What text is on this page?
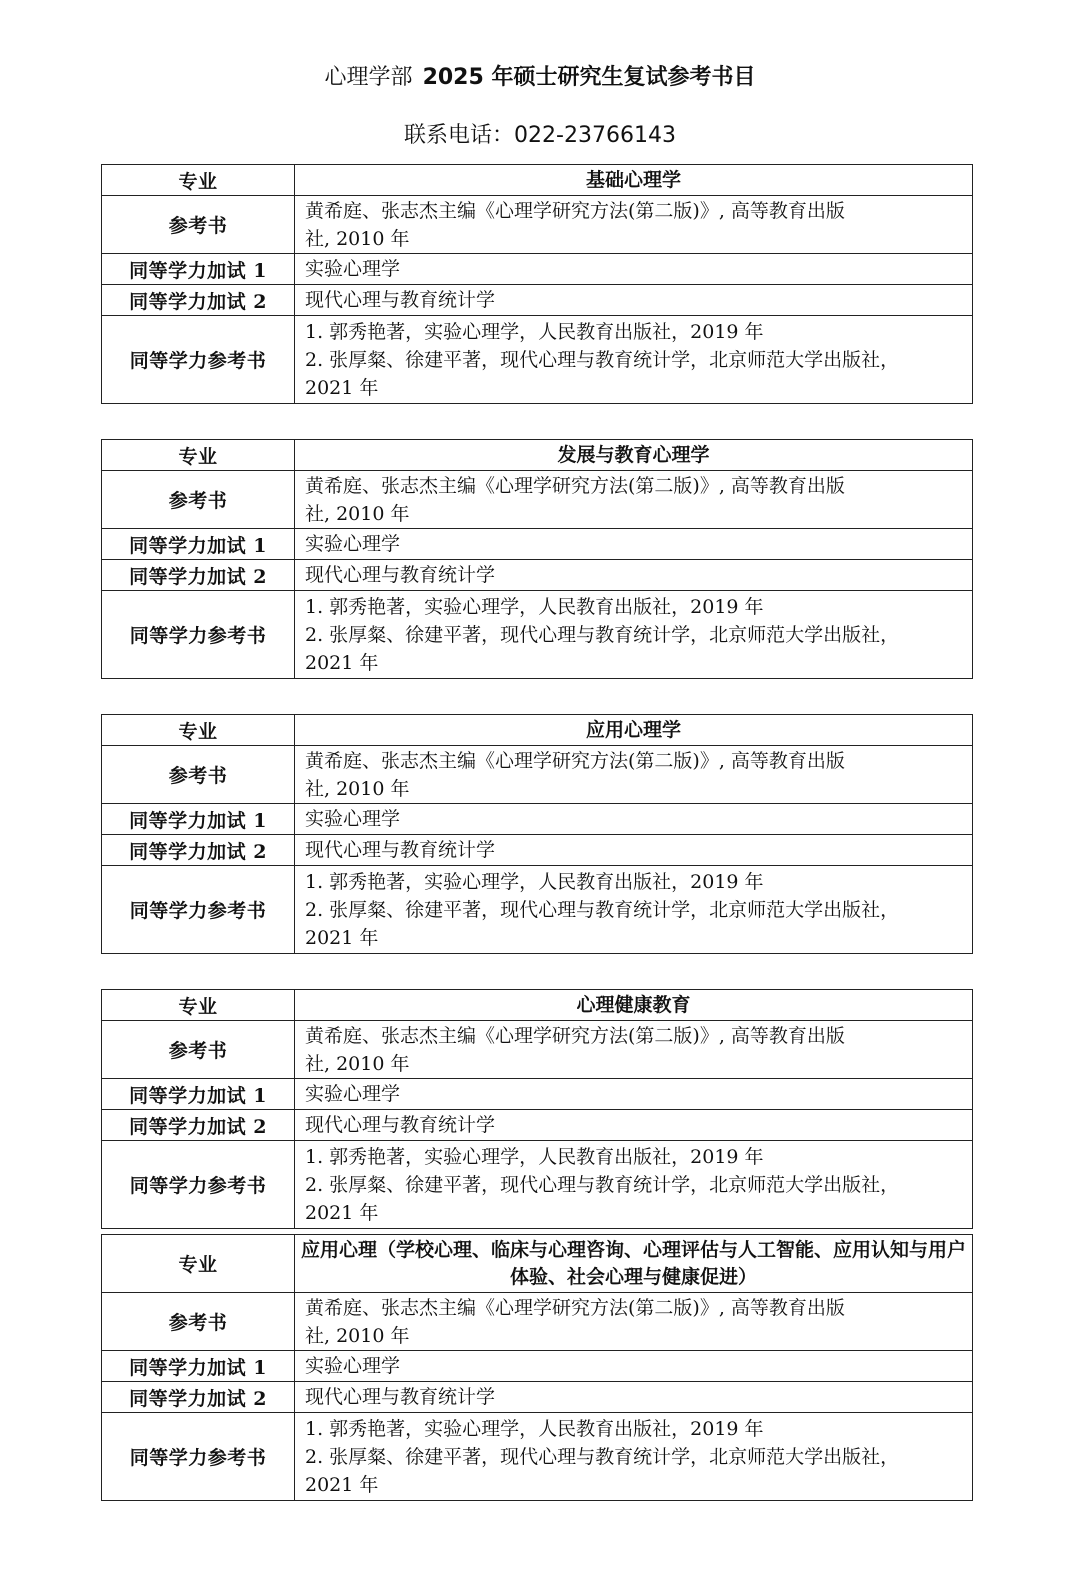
心理学部 2025 年硕士研究生复试参考书目
联系电话：022-23766143
专业	基础心理学
参考书	黄希庭、张志杰主编《心理学研究方法(第二版)》, 高等教育出版
社, 2010 年

同等学力加试 1	实验心理学
同等学力加试 2	现代心理与教育统计学
同等学力参考书	1. 郭秀艳著，实验心理学，人民教育出版社，2019 年
2. 张厚粲、徐建平著，现代心理与教育统计学，北京师范大学出版社，
2021 年
专业	发展与教育心理学
参考书	黄希庭、张志杰主编《心理学研究方法(第二版)》, 高等教育出版
社, 2010 年

同等学力加试 1	实验心理学
同等学力加试 2	现代心理与教育统计学
同等学力参考书	1. 郭秀艳著，实验心理学，人民教育出版社，2019 年
2. 张厚粲、徐建平著，现代心理与教育统计学，北京师范大学出版社，
2021 年
专业	应用心理学
参考书	黄希庭、张志杰主编《心理学研究方法(第二版)》, 高等教育出版
社, 2010 年

同等学力加试 1	实验心理学
同等学力加试 2	现代心理与教育统计学
同等学力参考书	1. 郭秀艳著，实验心理学，人民教育出版社，2019 年
2. 张厚粲、徐建平著，现代心理与教育统计学，北京师范大学出版社，
2021 年
专业	心理健康教育
参考书	黄希庭、张志杰主编《心理学研究方法(第二版)》, 高等教育出版
社, 2010 年

同等学力加试 1	实验心理学
同等学力加试 2	现代心理与教育统计学
同等学力参考书	1. 郭秀艳著，实验心理学，人民教育出版社，2019 年
2. 张厚粲、徐建平著，现代心理与教育统计学，北京师范大学出版社，
2021 年
专业	应用心理（学校心理、临床与心理咨询、心理评估与人工智能、应用认知与用户
体验、社会心理与健康促进）

参考书	黄希庭、张志杰主编《心理学研究方法(第二版)》, 高等教育出版
社, 2010 年

同等学力加试 1	实验心理学
同等学力加试 2	现代心理与教育统计学
同等学力参考书	1. 郭秀艳著，实验心理学，人民教育出版社，2019 年
2. 张厚粲、徐建平著，现代心理与教育统计学，北京师范大学出版社，
2021 年
